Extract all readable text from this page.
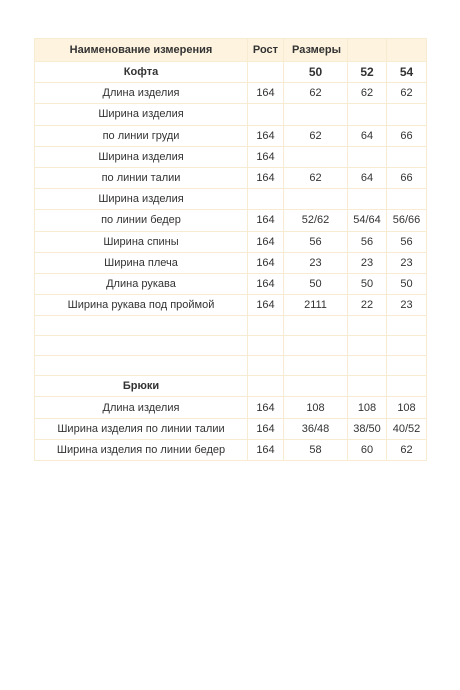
Наименование измерения	Рост	Размеры		
Кофта		50	52	54
Длина изделия	164	62	62	62
Ширина изделия				
по линии груди	164	62	64	66
Ширина изделия	164			
по линии талии	164	62	64	66
Ширина изделия				
по линии бедер	164	52/62	54/64	56/66
Ширина спины	164	56	56	56
Ширина плеча	164	23	23	23
Длина рукава	164	50	50	50
Ширина рукава под проймой	164	2111	22	23

Брюки				
Длина изделия	164	108	108	108
Ширина изделия по линии талии	164	36/48	38/50	40/52
Ширина изделия по линии бедер	164	58	60	62
